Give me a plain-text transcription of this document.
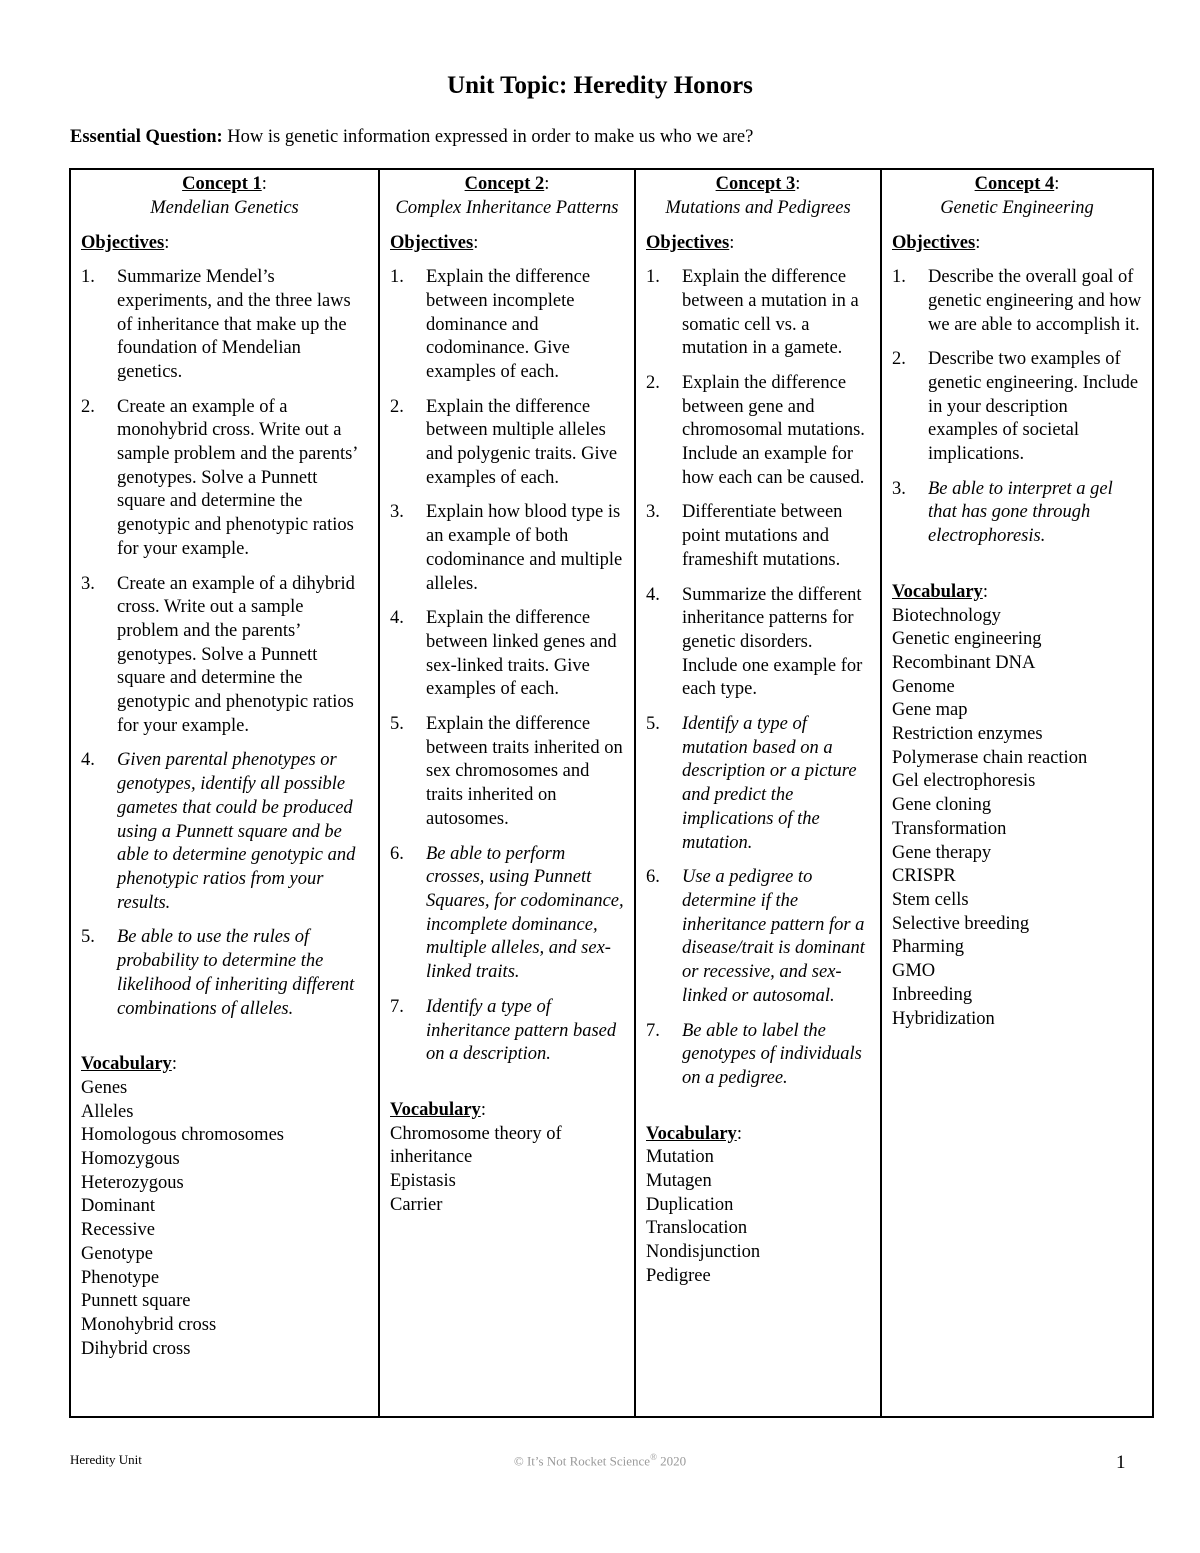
Unit Topic: Heredity Honors

Essential Question: How is genetic information expressed in order to make us who we are?

Concept 1:
Mendelian Genetics
Objectives:
1.	Summarize Mendel’s experiments, and the three laws of inheritance that make up the foundation of Mendelian genetics.
2.	Create an example of a monohybrid cross. Write out a sample problem and the parents’ genotypes. Solve a Punnett square and determine the genotypic and phenotypic ratios for your example.
3.	Create an example of a dihybrid cross. Write out a sample problem and the parents’ genotypes. Solve a Punnett square and determine the genotypic and phenotypic ratios for your example.
4.	Given parental phenotypes or genotypes, identify all possible gametes that could be produced using a Punnett square and be able to determine genotypic and phenotypic ratios from your results.
5.	Be able to use the rules of probability to determine the likelihood of inheriting different combinations of alleles.
Vocabulary:
Genes
Alleles
Homologous chromosomes
Homozygous
Heterozygous
Dominant
Recessive
Genotype
Phenotype
Punnett square
Monohybrid cross
Dihybrid cross

Concept 2:
Complex Inheritance Patterns
Objectives:
1.	Explain the difference between incomplete dominance and codominance. Give examples of each.
2.	Explain the difference between multiple alleles and polygenic traits. Give examples of each.
3.	Explain how blood type is an example of both codominance and multiple alleles.
4.	Explain the difference between linked genes and sex-linked traits. Give examples of each.
5.	Explain the difference between traits inherited on sex chromosomes and traits inherited on autosomes.
6.	Be able to perform crosses, using Punnett Squares, for codominance, incomplete dominance, multiple alleles, and sex-linked traits.
7.	Identify a type of inheritance pattern based on a description.
Vocabulary:
Chromosome theory of inheritance
Epistasis
Carrier

Concept 3:
Mutations and Pedigrees
Objectives:
1.	Explain the difference between a mutation in a somatic cell vs. a mutation in a gamete.
2.	Explain the difference between gene and chromosomal mutations. Include an example for how each can be caused.
3.	Differentiate between point mutations and frameshift mutations.
4.	Summarize the different inheritance patterns for genetic disorders. Include one example for each type.
5.	Identify a type of mutation based on a description or a picture and predict the implications of the mutation.
6.	Use a pedigree to determine if the inheritance pattern for a disease/trait is dominant or recessive, and sex-linked or autosomal.
7.	Be able to label the genotypes of individuals on a pedigree.
Vocabulary:
Mutation
Mutagen
Duplication
Translocation
Nondisjunction
Pedigree

Concept 4:
Genetic Engineering
Objectives:
1.	Describe the overall goal of genetic engineering and how we are able to accomplish it.
2.	Describe two examples of genetic engineering. Include in your description examples of societal implications.
3.	Be able to interpret a gel that has gone through electrophoresis.
Vocabulary:
Biotechnology
Genetic engineering
Recombinant DNA
Genome
Gene map
Restriction enzymes
Polymerase chain reaction
Gel electrophoresis
Gene cloning
Transformation
Gene therapy
CRISPR
Stem cells
Selective breeding
Pharming
GMO
Inbreeding
Hybridization
Heredity Unit	© It’s Not Rocket Science® 2020	1
